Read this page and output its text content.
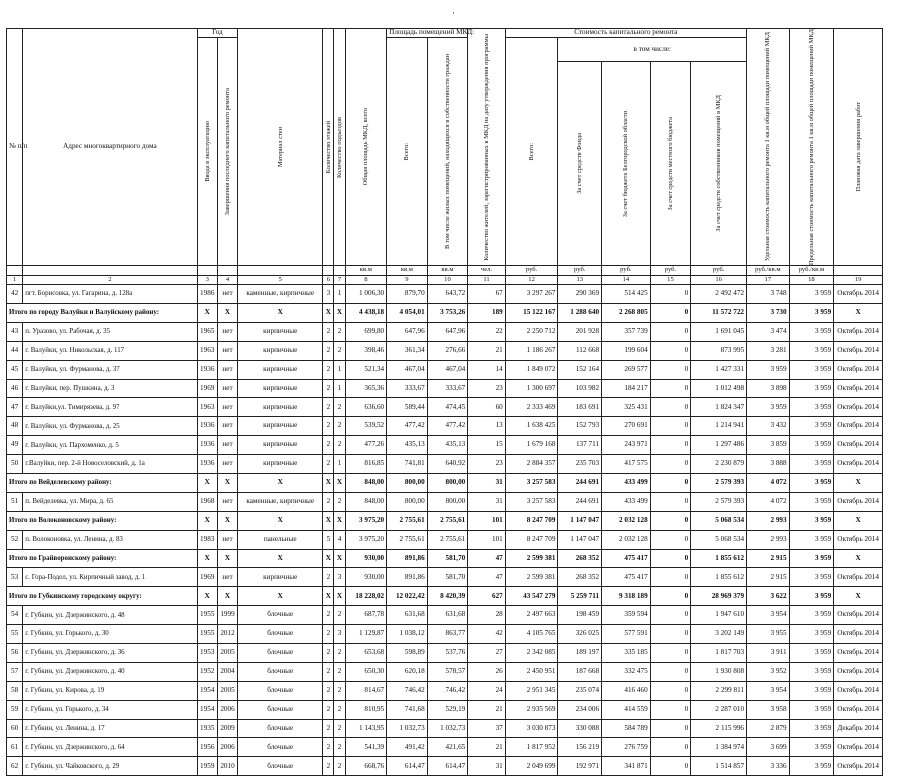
·
№ п/п	Адрес многоквартирного дома	Год		Материал стен	Количество этажей	Количество подъездов	Общая площадь МКД, всего	Площадь помещений МКД:		Количество жителей, зарегистрированных в МКД на дату утверждения программы	Стоимость капитального ремонта					Удельная стоимость капитального ремонта 1 кв.м общей площади помещений МКД	Предельная стоимость капитального ремонта 1 кв.м общей площади помещений МКД	Плановая дата завершения работ

		Ввода в эксплуатацию	Завершения последнего капитального ремонта					Всего:	В том числе жилых помещений, находящихся в собственности граждан		Всего:	в том числе:						

												За счет средств Фонда	За счет бюджета Белгородской области	За счет средств местного бюджета	За счет средств собственников помещений в МКД			

							кв.м	кв.м	кв.м	чел.	руб.	руб.	руб.	руб.	руб.	руб./кв.м	руб./кв.м	
1	2	3	4	5	6	7	8	9	10	11	12	13	14	15	16	17	18	19
42	пгт. Борисовка, ул. Гагарина, д. 128а	1986	нет	каменные, кирпичные	3	1	1 006,30	879,70	643,72	67	3 297 267	290 369	514 425	0	2 492 472	3 748	3 959	Октябрь 2014
Итого по городу Валуйки и Валуйскому району:		X	X	X	X	X	4 438,18	4 054,01	3 753,26	189	15 122 167	1 288 640	2 268 805	0	11 572 722	3 730	3 959	X
43	п. Уразово, ул. Рабочая, д. 35	1965	нет	кирпичные	2	2	699,80	647,96	647,96	22	2 250 712	201 928	357 739	0	1 691 045	3 474	3 959	Октябрь 2014
44	г. Валуйки, ул. Никольская, д. 117	1963	нет	кирпичные	2	2	398,46	361,34	276,66	21	1 186 267	112 668	199 604	0	873 995	3 281	3 959	Октябрь 2014
45	г. Валуйки, ул. Фурманова, д. 37	1936	нет	кирпичные	2	1	521,34	467,04	467,04	14	1 849 072	152 164	269 577	0	1 427 331	3 959	3 959	Октябрь 2014
46	г. Валуйки, пер. Пушкина, д. 3	1969	нет	кирпичные	2	1	365,36	333,67	333,67	23	1 300 697	103 982	184 217	0	1 012 498	3 898	3 959	Октябрь 2014
47	г. Валуйки,ул. Тимирязева, д. 97	1963	нет	кирпичные	2	2	636,60	589,44	474,45	60	2 333 469	183 691	325 431	0	1 824 347	3 959	3 959	Октябрь 2014
48	г. Валуйки, ул. Фурманова, д. 25	1936	нет	кирпичные	2	2	539,52	477,42	477,42	13	1 638 425	152 793	270 691	0	1 214 941	3 432	3 959	Октябрь 2014
49	г. Валуйки, ул. Пархоменко, д. 5	1936	нет	кирпичные	2	2	477,26	435,13	435,13	15	1 679 168	137 711	243 971	0	1 297 486	3 859	3 959	Октябрь 2014
50	г.Валуйки, пер. 2-й Новоселовский, д. 1а	1936	нет	кирпичные	2	1	816,85	741,81	640,92	23	2 884 357	235 703	417 575	0	2 230 879	3 888	3 959	Октябрь 2014
Итого по Вейделевскому району:		X	X	X	X	X	848,00	800,00	800,00	31	3 257 583	244 691	433 499	0	2 579 393	4 072	3 959	X
51	п. Вейделевка, ул. Мира, д. 65	1968	нет	каменные, кирпичные	2	2	848,00	800,00	800,00	31	3 257 583	244 691	433 499	0	2 579 393	4 072	3 959	Октябрь 2014
Итого по Волоконовскому району:		X	X	X	X	X	3 975,20	2 755,61	2 755,61	101	8 247 709	1 147 047	2 032 128	0	5 068 534	2 993	3 959	X
52	п. Волоконовка, ул. Ленина, д. 83	1983	нет	панельные	5	4	3 975,20	2 755,61	2 755,61	101	8 247 709	1 147 047	2 032 128	0	5 068 534	2 993	3 959	Октябрь 2014
Итого по Грайворонскому району:		X	X	X	X	X	930,00	891,86	581,70	47	2 599 381	268 352	475 417	0	1 855 612	2 915	3 959	X
53	с. Гора-Подол, ул. Кирпичный завод, д. 1	1969	нет	кирпичные	2	3	930,00	891,86	581,70	47	2 599 381	268 352	475 417	0	1 855 612	2 915	3 959	Октябрь 2014
Итого по Губкинскому городскому округу:		X	X	X	X	X	18 228,02	12 022,42	8 420,39	627	43 547 279	5 259 711	9 318 189	0	28 969 379	3 622	3 959	X
54	г. Губкин, ул. Дзержинского, д. 48	1955	1999	блочные	2	2	687,78	631,68	631,68	28	2 497 663	198 459	359 594	0	1 947 610	3 954	3 959	Октябрь 2014
55	г. Губкин, ул. Горького, д. 30	1955	2012	блочные	2	3	1 129,87	1 038,12	863,77	42	4 105 765	326 025	577 591	0	3 202 149	3 955	3 959	Октябрь 2014
56	г. Губкин, ул. Дзержинского, д. 36	1953	2005	блочные	2	2	653,68	598,89	537,76	27	2 342 085	189 197	335 185	0	1 817 703	3 911	3 959	Октябрь 2014
57	г. Губкин, ул. Дзержинского, д. 40	1952	2004	блочные	2	2	650,30	620,18	578,57	26	2 450 951	187 668	332 475	0	1 930 808	3 952	3 959	Октябрь 2014
58	г. Губкин, ул. Кирова, д. 19	1954	2005	блочные	2	2	814,67	746,42	746,42	24	2 951 345	235 074	416 460	0	2 299 811	3 954	3 959	Октябрь 2014
59	г. Губкин, ул. Горького, д. 34	1954	2006	блочные	2	2	810,95	741,68	529,19	21	2 935 569	234 006	414 559	0	2 287 010	3 958	3 959	Октябрь 2014
60	г. Губкин, ул. Ленина, д. 17	1935	2009	блочные	2	2	1 143,95	1 032,73	1 032,73	37	3 030 873	330 088	584 789	0	2 115 996	2 879	3 959	Декабрь 2014
61	г. Губкин, ул. Дзержинского, д. 64	1956	2006	блочные	2	2	541,39	491,42	421,65	21	1 817 952	156 219	276 759	0	1 384 974	3 699	3 959	Октябрь 2014
62	г. Губкин, ул. Чайковского, д. 29	1959	2010	блочные	2	2	668,76	614,47	614,47	31	2 049 699	192 971	341 871	0	1 514 857	3 336	3 959	Октябрь 2014
